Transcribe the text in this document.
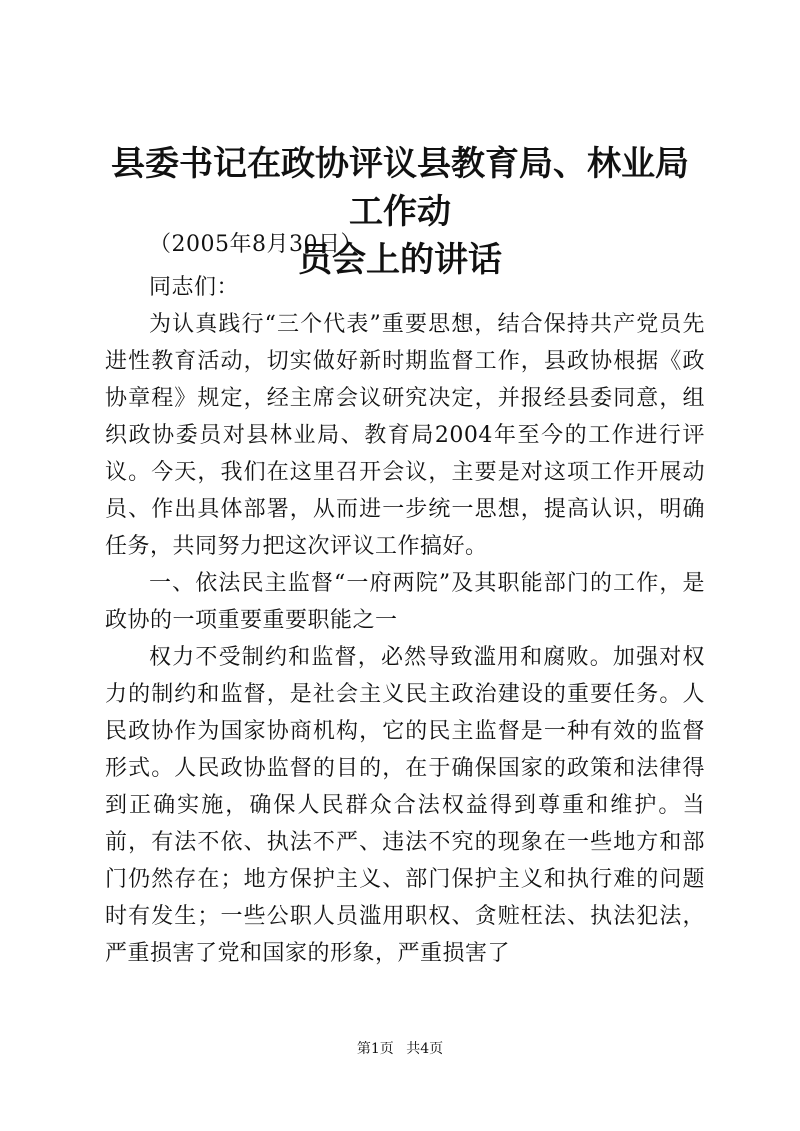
县委书记在政协评议县教育局、林业局工作动
员会上的讲话

（2005年8月30日）

同志们：

为认真践行“三个代表”重要思想，结合保持共产党员先进性教育活动，切实做好新时期监督工作，县政协根据《政协章程》规定，经主席会议研究决定，并报经县委同意，组织政协委员对县林业局、教育局2004年至今的工作进行评议。今天，我们在这里召开会议，主要是对这项工作开展动员、作出具体部署，从而进一步统一思想，提高认识，明确任务，共同努力把这次评议工作搞好。

一、依法民主监督“一府两院”及其职能部门的工作，是政协的一项重要重要职能之一

权力不受制约和监督，必然导致滥用和腐败。加强对权力的制约和监督，是社会主义民主政治建设的重要任务。人民政协作为国家协商机构，它的民主监督是一种有效的监督形式。人民政协监督的目的，在于确保国家的政策和法律得到正确实施，确保人民群众合法权益得到尊重和维护。当前，有法不依、执法不严、违法不究的现象在一些地方和部门仍然存在；地方保护主义、部门保护主义和执行难的问题时有发生；一些公职人员滥用职权、贪赃枉法、执法犯法，严重损害了党和国家的形象，严重损害了

第1页 共4页
